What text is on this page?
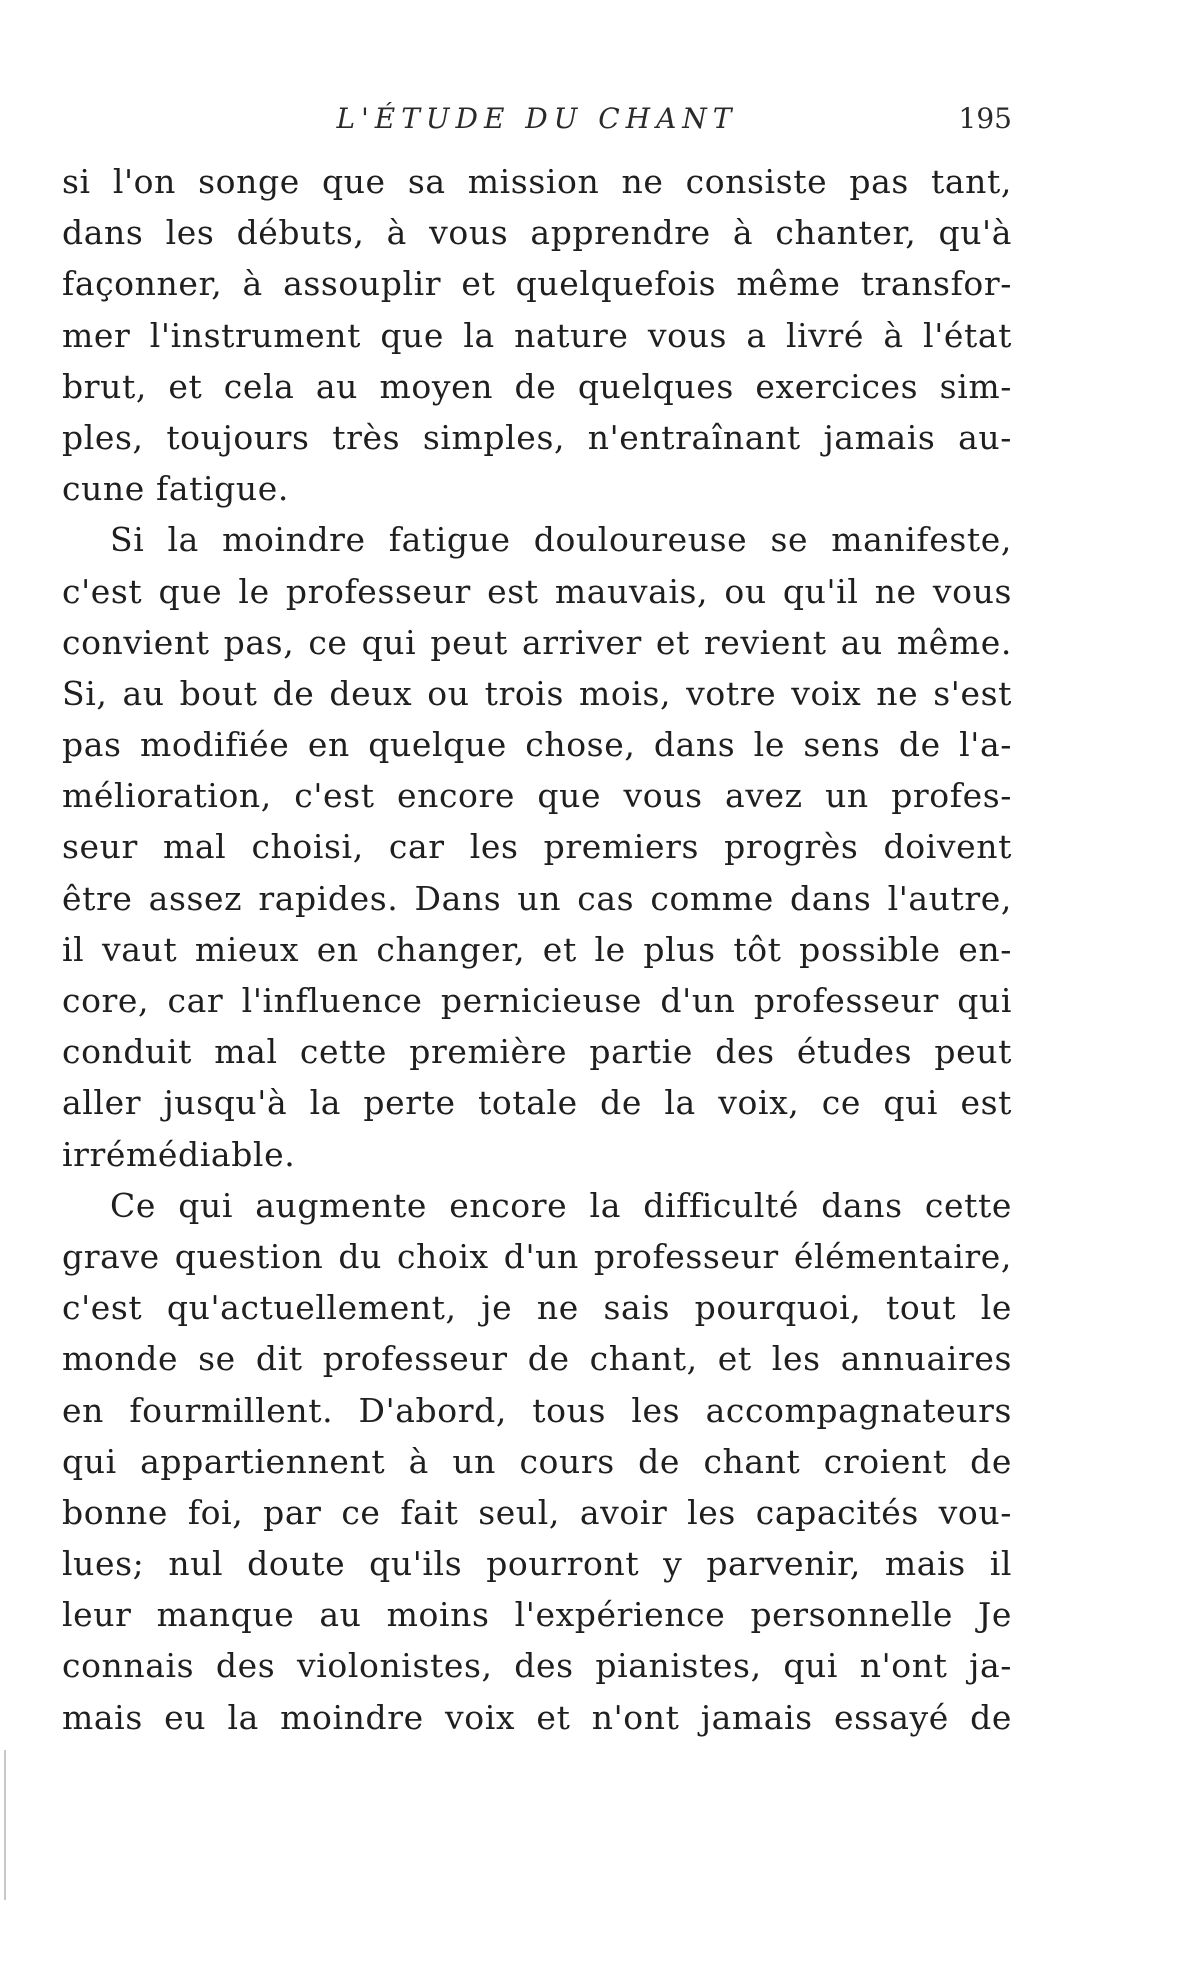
L'ÉTUDE DU CHANT	195
si l'on songe que sa mission ne consiste pas tant,
dans les débuts, à vous apprendre à chanter, qu'à
façonner, à assouplir et quelquefois même transfor-
mer l'instrument que la nature vous a livré à l'état
brut, et cela au moyen de quelques exercices sim-
ples, toujours très simples, n'entraînant jamais au-
cune fatigue.
Si la moindre fatigue douloureuse se manifeste,
c'est que le professeur est mauvais, ou qu'il ne vous
convient pas, ce qui peut arriver et revient au même.
Si, au bout de deux ou trois mois, votre voix ne s'est
pas modifiée en quelque chose, dans le sens de l'a-
mélioration, c'est encore que vous avez un profes-
seur mal choisi, car les premiers progrès doivent
être assez rapides. Dans un cas comme dans l'autre,
il vaut mieux en changer, et le plus tôt possible en-
core, car l'influence pernicieuse d'un professeur qui
conduit mal cette première partie des études peut
aller jusqu'à la perte totale de la voix, ce qui est
irrémédiable.
Ce qui augmente encore la difficulté dans cette
grave question du choix d'un professeur élémentaire,
c'est qu'actuellement, je ne sais pourquoi, tout le
monde se dit professeur de chant, et les annuaires
en fourmillent. D'abord, tous les accompagnateurs
qui appartiennent à un cours de chant croient de
bonne foi, par ce fait seul, avoir les capacités vou-
lues; nul doute qu'ils pourront y parvenir, mais il
leur manque au moins l'expérience personnelle Je
connais des violonistes, des pianistes, qui n'ont ja-
mais eu la moindre voix et n'ont jamais essayé de
